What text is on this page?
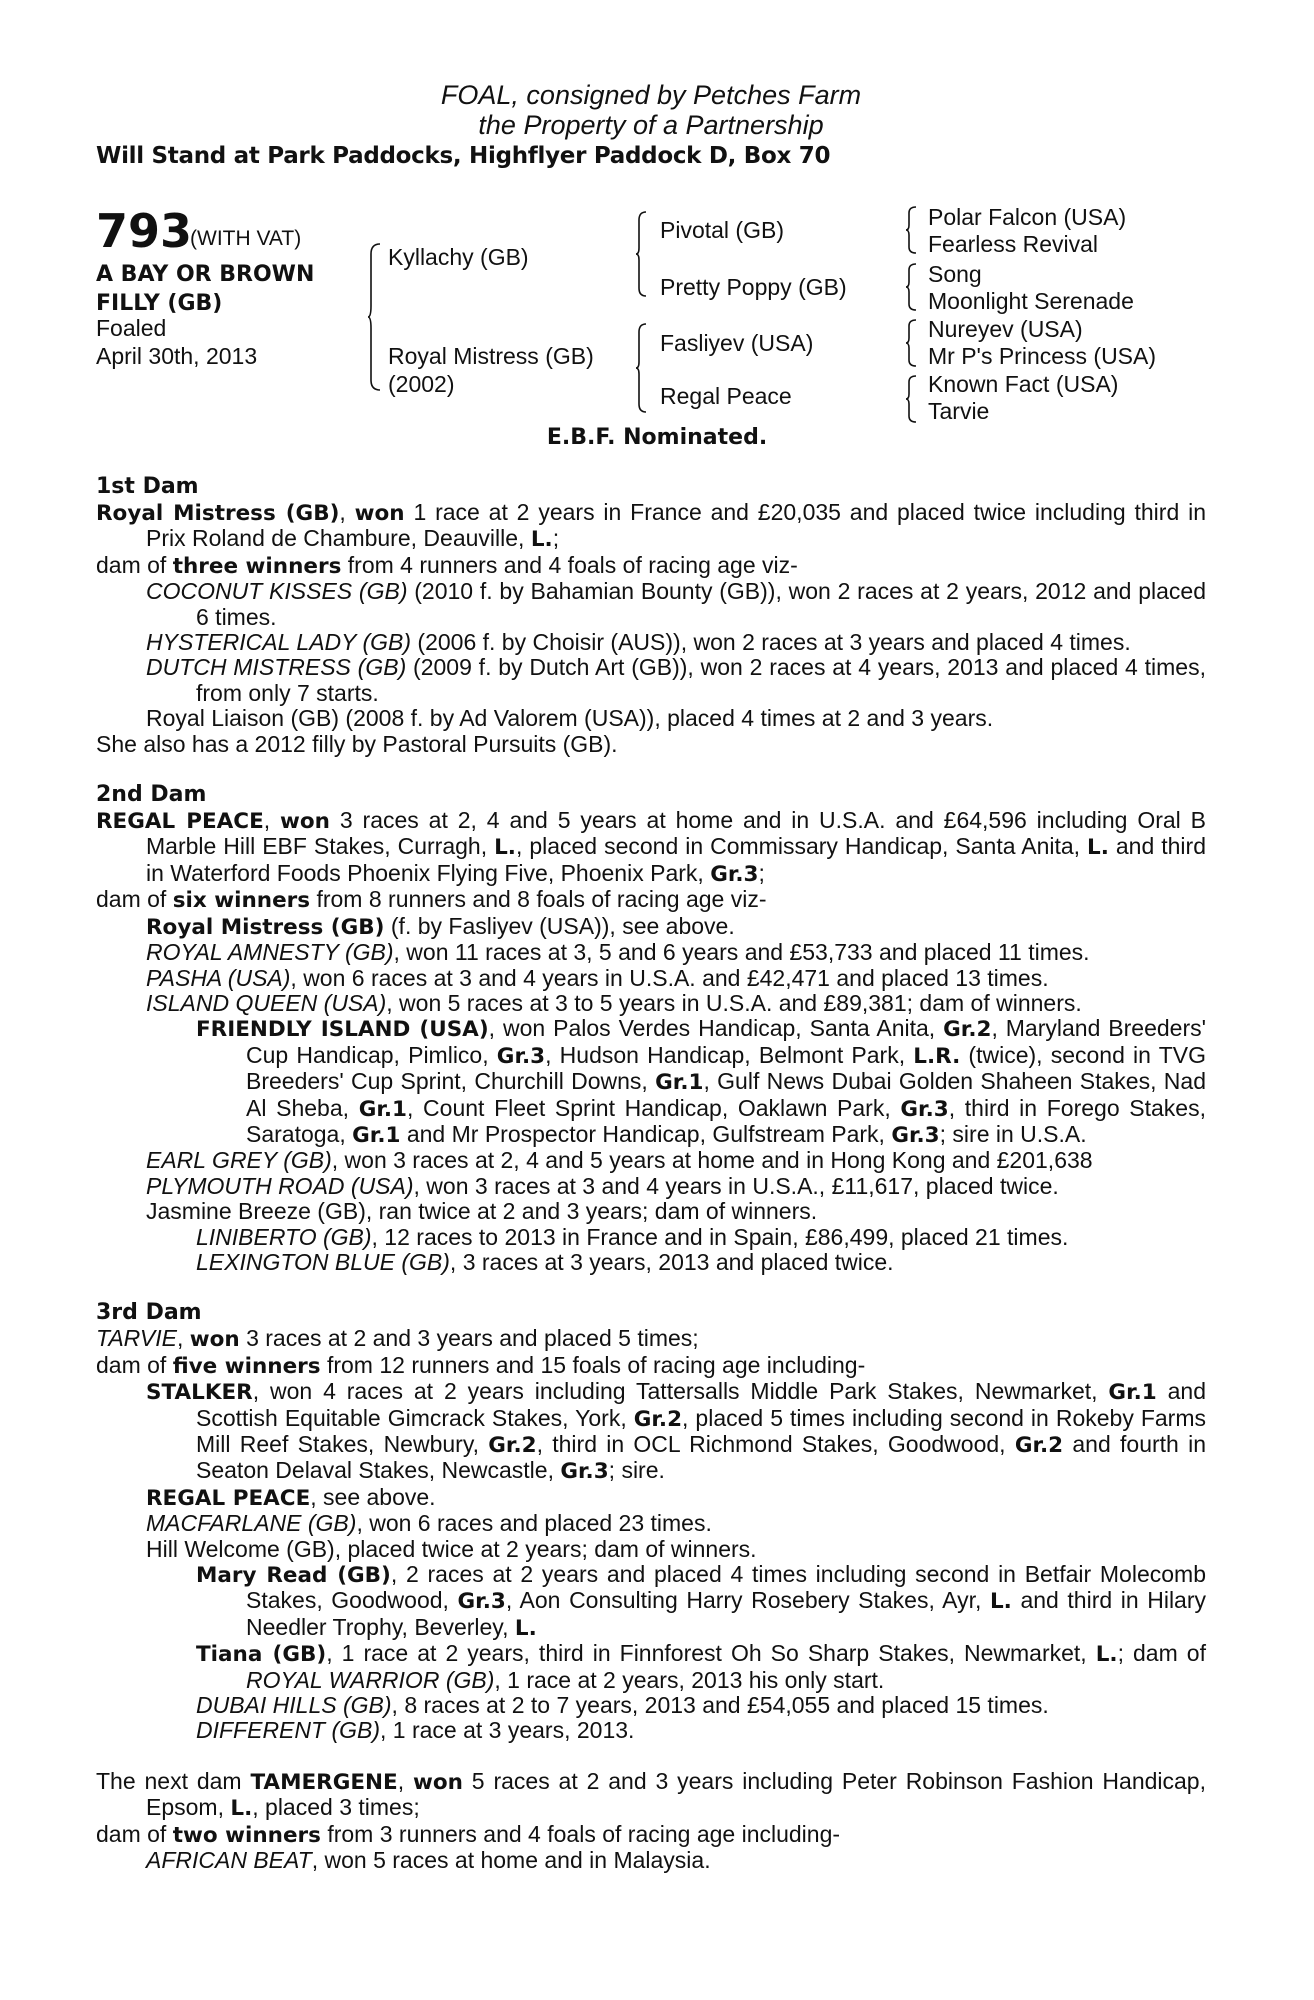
FOAL, consigned by Petches Farm
the Property of a Partnership
Will Stand at Park Paddocks, Highflyer Paddock D, Box 70
793
(WITH VAT)
A BAY OR BROWN
FILLY (GB)
Foaled
April 30th, 2013
Kyllachy (GB)
Royal Mistress (GB)
(2002)
Pivotal (GB)
Pretty Poppy (GB)
Fasliyev (USA)
Regal Peace
Polar Falcon (USA)
Fearless Revival
Song
Moonlight Serenade
Nureyev (USA)
Mr P's Princess (USA)
Known Fact (USA)
Tarvie
E.B.F. Nominated.
1st Dam

Royal Mistress (GB), won 1 race at 2 years in France and £20,035 and placed twice including third in Prix Roland de Chambure, Deauville, L.;

dam of three winners from 4 runners and 4 foals of racing age viz-

COCONUT KISSES (GB) (2010 f. by Bahamian Bounty (GB)), won 2 races at 2 years, 2012 and placed 6 times.

HYSTERICAL LADY (GB) (2006 f. by Choisir (AUS)), won 2 races at 3 years and placed 4 times.

DUTCH MISTRESS (GB) (2009 f. by Dutch Art (GB)), won 2 races at 4 years, 2013 and placed 4 times, from only 7 starts.

Royal Liaison (GB) (2008 f. by Ad Valorem (USA)), placed 4 times at 2 and 3 years.

She also has a 2012 filly by Pastoral Pursuits (GB).

2nd Dam

REGAL PEACE, won 3 races at 2, 4 and 5 years at home and in U.S.A. and £64,596 including Oral B Marble Hill EBF Stakes, Curragh, L., placed second in Commissary Handicap, Santa Anita, L. and third in Waterford Foods Phoenix Flying Five, Phoenix Park, Gr.3;

dam of six winners from 8 runners and 8 foals of racing age viz-

Royal Mistress (GB) (f. by Fasliyev (USA)), see above.

ROYAL AMNESTY (GB), won 11 races at 3, 5 and 6 years and £53,733 and placed 11 times.

PASHA (USA), won 6 races at 3 and 4 years in U.S.A. and £42,471 and placed 13 times.

ISLAND QUEEN (USA), won 5 races at 3 to 5 years in U.S.A. and £89,381; dam of winners.

FRIENDLY ISLAND (USA), won Palos Verdes Handicap, Santa Anita, Gr.2, Maryland Breeders' Cup Handicap, Pimlico, Gr.3, Hudson Handicap, Belmont Park, L.R. (twice), second in TVG Breeders' Cup Sprint, Churchill Downs, Gr.1, Gulf News Dubai Golden Shaheen Stakes, Nad Al Sheba, Gr.1, Count Fleet Sprint Handicap, Oaklawn Park, Gr.3, third in Forego Stakes, Saratoga, Gr.1 and Mr Prospector Handicap, Gulfstream Park, Gr.3; sire in U.S.A.

EARL GREY (GB), won 3 races at 2, 4 and 5 years at home and in Hong Kong and £201,638

PLYMOUTH ROAD (USA), won 3 races at 3 and 4 years in U.S.A., £11,617, placed twice.

Jasmine Breeze (GB), ran twice at 2 and 3 years; dam of winners.

LINIBERTO (GB), 12 races to 2013 in France and in Spain, £86,499, placed 21 times.

LEXINGTON BLUE (GB), 3 races at 3 years, 2013 and placed twice.

3rd Dam

TARVIE, won 3 races at 2 and 3 years and placed 5 times;

dam of five winners from 12 runners and 15 foals of racing age including-

STALKER, won 4 races at 2 years including Tattersalls Middle Park Stakes, Newmarket, Gr.1 and Scottish Equitable Gimcrack Stakes, York, Gr.2, placed 5 times including second in Rokeby Farms Mill Reef Stakes, Newbury, Gr.2, third in OCL Richmond Stakes, Goodwood, Gr.2 and fourth in Seaton Delaval Stakes, Newcastle, Gr.3; sire.

REGAL PEACE, see above.

MACFARLANE (GB), won 6 races and placed 23 times.

Hill Welcome (GB), placed twice at 2 years; dam of winners.

Mary Read (GB), 2 races at 2 years and placed 4 times including second in Betfair Molecomb Stakes, Goodwood, Gr.3, Aon Consulting Harry Rosebery Stakes, Ayr, L. and third in Hilary Needler Trophy, Beverley, L.

Tiana (GB), 1 race at 2 years, third in Finnforest Oh So Sharp Stakes, Newmarket, L.; dam of ROYAL WARRIOR (GB), 1 race at 2 years, 2013 his only start.

DUBAI HILLS (GB), 8 races at 2 to 7 years, 2013 and £54,055 and placed 15 times.

DIFFERENT (GB), 1 race at 3 years, 2013.

The next dam TAMERGENE, won 5 races at 2 and 3 years including Peter Robinson Fashion Handicap, Epsom, L., placed 3 times;

dam of two winners from 3 runners and 4 foals of racing age including-

AFRICAN BEAT, won 5 races at home and in Malaysia.
